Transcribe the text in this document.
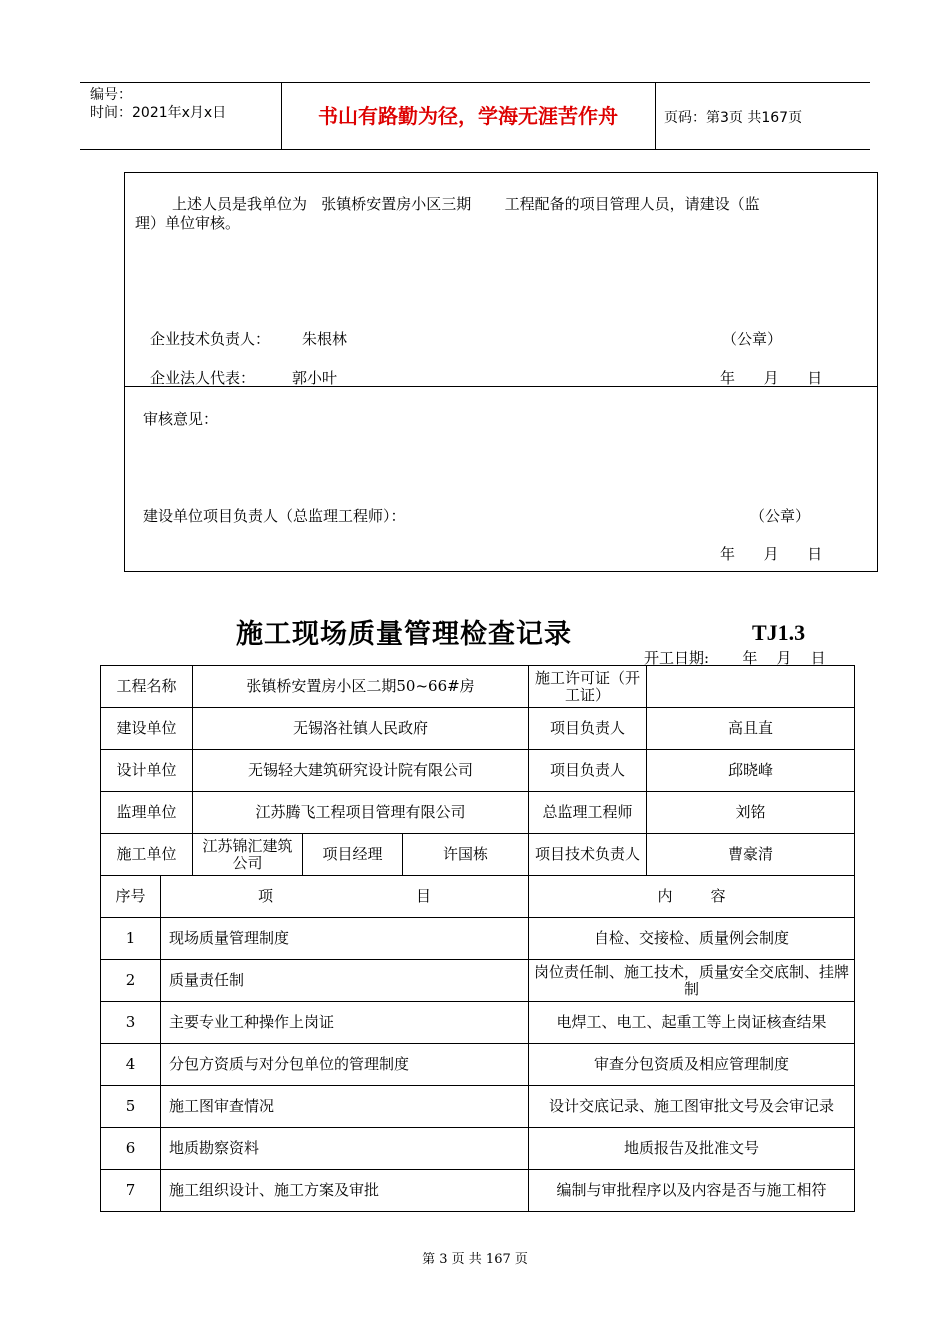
编号：
时间：2021年x月x日	书山有路勤为径，学海无涯苦作舟	页码：第3页 共167页
上述人员是我单位为   张镇桥安置房小区三期       工程配备的项目管理人员，请建设（监
理）单位审核。
企业技术负责人： 朱根林	（公章）
企业法人代表： 郭小叶	年      月      日
审核意见：
建设单位项目负责人（总监理工程师）：	（公章）
年      月      日
施工现场质量管理检查记录	TJ1.3
开工日期:       年    月    日
工程名称		张镇桥安置房小区二期50~66#房			施工许可证（开工证）	
建设单位		无锡洛社镇人民政府			项目负责人	高且直
设计单位		无锡轻大建筑研究设计院有限公司			项目负责人	邱晓峰
监理单位		江苏腾飞工程项目管理有限公司			总监理工程师	刘铭
施工单位		江苏锦汇建筑公司	项目经理	许国栋	项目技术负责人	曹豪清
序号	项                              目				内        容	
1	现场质量管理制度				自检、交接检、质量例会制度	
2	质量责任制				岗位责任制、施工技术，质量安全交底制、挂牌制	
3	主要专业工种操作上岗证				电焊工、电工、起重工等上岗证核查结果	
4	分包方资质与对分包单位的管理制度				审查分包资质及相应管理制度	
5	施工图审查情况				设计交底记录、施工图审批文号及会审记录	
6	地质勘察资料				地质报告及批准文号	
7	施工组织设计、施工方案及审批				编制与审批程序以及内容是否与施工相符	
第 3 页 共 167 页
